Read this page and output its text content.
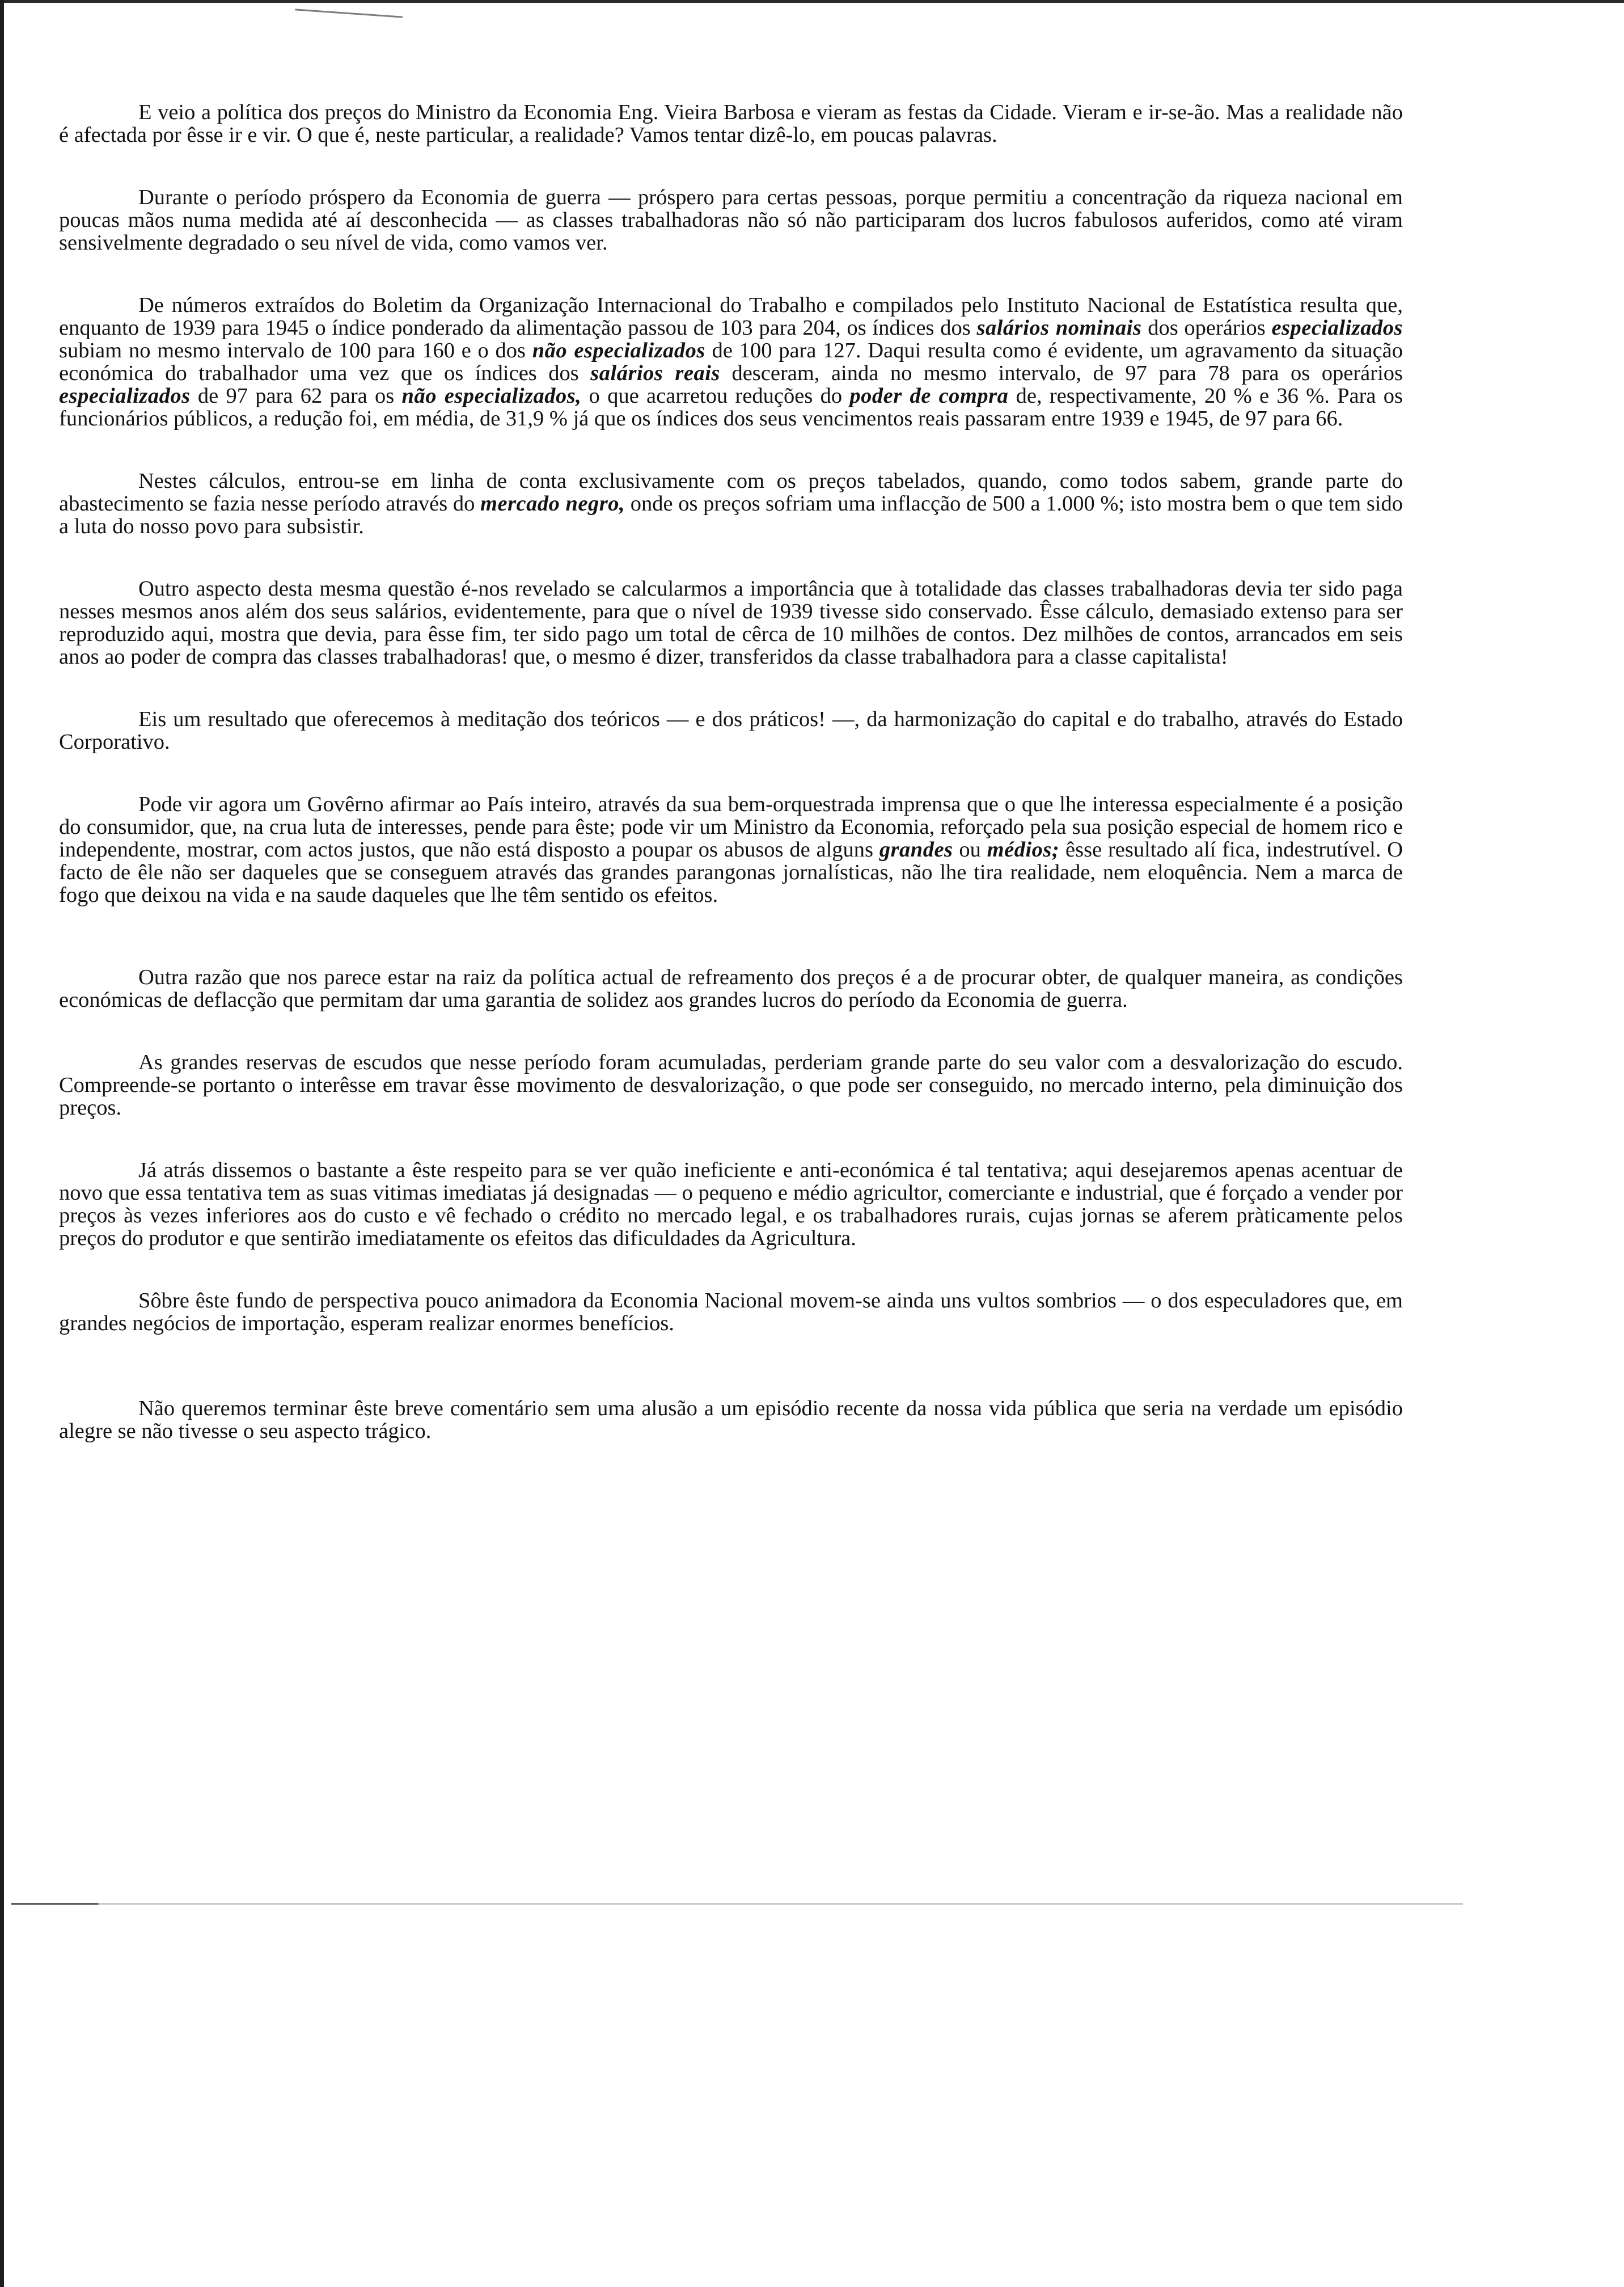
E veio a política dos preços do Ministro da Economia Eng. Vieira Barbosa e vieram as festas da Cidade. Vieram e ir-se-ão. Mas a realidade não é afectada por êsse ir e vir. O que é, neste particular, a realidade? Vamos tentar dizê-lo, em poucas palavras.

Durante o período próspero da Economia de guerra — próspero para certas pessoas, porque permitiu a concentração da riqueza nacional em poucas mãos numa medida até aí desconhecida — as classes trabalhadoras não só não participaram dos lucros fabulosos auferidos, como até viram sensivelmente degradado o seu nível de vida, como vamos ver.

De números extraídos do Boletim da Organização Internacional do Trabalho e compilados pelo Instituto Nacional de Estatística resulta que, enquanto de 1939 para 1945 o índice ponderado da alimentação passou de 103 para 204, os índices dos salários nominais dos operários especializados subiam no mesmo intervalo de 100 para 160 e o dos não especializados de 100 para 127. Daqui resulta como é evidente, um agravamento da situação económica do trabalhador uma vez que os índices dos salários reais desceram, ainda no mesmo intervalo, de 97 para 78 para os operários especializados de 97 para 62 para os não especializados, o que acarretou reduções do poder de compra de, respectivamente, 20 % e 36 %. Para os funcionários públicos, a redução foi, em média, de 31,9 % já que os índices dos seus vencimentos reais passaram entre 1939 e 1945, de 97 para 66.

Nestes cálculos, entrou-se em linha de conta exclusivamente com os preços tabelados, quando, como todos sabem, grande parte do abastecimento se fazia nesse período através do mercado negro, onde os preços sofriam uma inflacção de 500 a 1.000 %; isto mostra bem o que tem sido a luta do nosso povo para subsistir.

Outro aspecto desta mesma questão é-nos revelado se calcularmos a importância que à totalidade das classes trabalhadoras devia ter sido paga nesses mesmos anos além dos seus salários, evidentemente, para que o nível de 1939 tivesse sido conservado. Êsse cálculo, demasiado extenso para ser reproduzido aqui, mostra que devia, para êsse fim, ter sido pago um total de cêrca de 10 milhões de contos. Dez milhões de contos, arrancados em seis anos ao poder de compra das classes trabalhadoras! que, o mesmo é dizer, transferidos da classe trabalhadora para a classe capitalista!

Eis um resultado que oferecemos à meditação dos teóricos — e dos práticos! —, da harmonização do capital e do trabalho, através do Estado Corporativo.

Pode vir agora um Govêrno afirmar ao País inteiro, através da sua bem-orquestrada imprensa que o que lhe interessa especialmente é a posição do consumidor, que, na crua luta de interesses, pende para êste; pode vir um Ministro da Economia, reforçado pela sua posição especial de homem rico e independente, mostrar, com actos justos, que não está disposto a poupar os abusos de alguns grandes ou médios; êsse resultado alí fica, indestrutível. O facto de êle não ser daqueles que se conseguem através das grandes parangonas jornalísticas, não lhe tira realidade, nem eloquência. Nem a marca de fogo que deixou na vida e na saude daqueles que lhe têm sentido os efeitos.

Outra razão que nos parece estar na raiz da política actual de refreamento dos preços é a de procurar obter, de qualquer maneira, as condições económicas de deflacção que permitam dar uma garantia de solidez aos grandes lucros do período da Economia de guerra.

As grandes reservas de escudos que nesse período foram acumuladas, perderiam grande parte do seu valor com a desvalorização do escudo. Compreende-se portanto o interêsse em travar êsse movimento de desvalorização, o que pode ser conseguido, no mercado interno, pela diminuição dos preços.

Já atrás dissemos o bastante a êste respeito para se ver quão ineficiente e anti-económica é tal tentativa; aqui desejaremos apenas acentuar de novo que essa tentativa tem as suas vitimas imediatas já designadas — o pequeno e médio agricultor, comerciante e industrial, que é forçado a vender por preços às vezes inferiores aos do custo e vê fechado o crédito no mercado legal, e os trabalhadores rurais, cujas jornas se aferem pràticamente pelos preços do produtor e que sentirão imediatamente os efeitos das dificuldades da Agricultura.

Sôbre êste fundo de perspectiva pouco animadora da Economia Nacional movem-se ainda uns vultos sombrios — o dos especuladores que, em grandes negócios de importação, esperam realizar enormes benefícios.

Não queremos terminar êste breve comentário sem uma alusão a um episódio recente da nossa vida pública que seria na verdade um episódio alegre se não tivesse o seu aspecto trágico.
